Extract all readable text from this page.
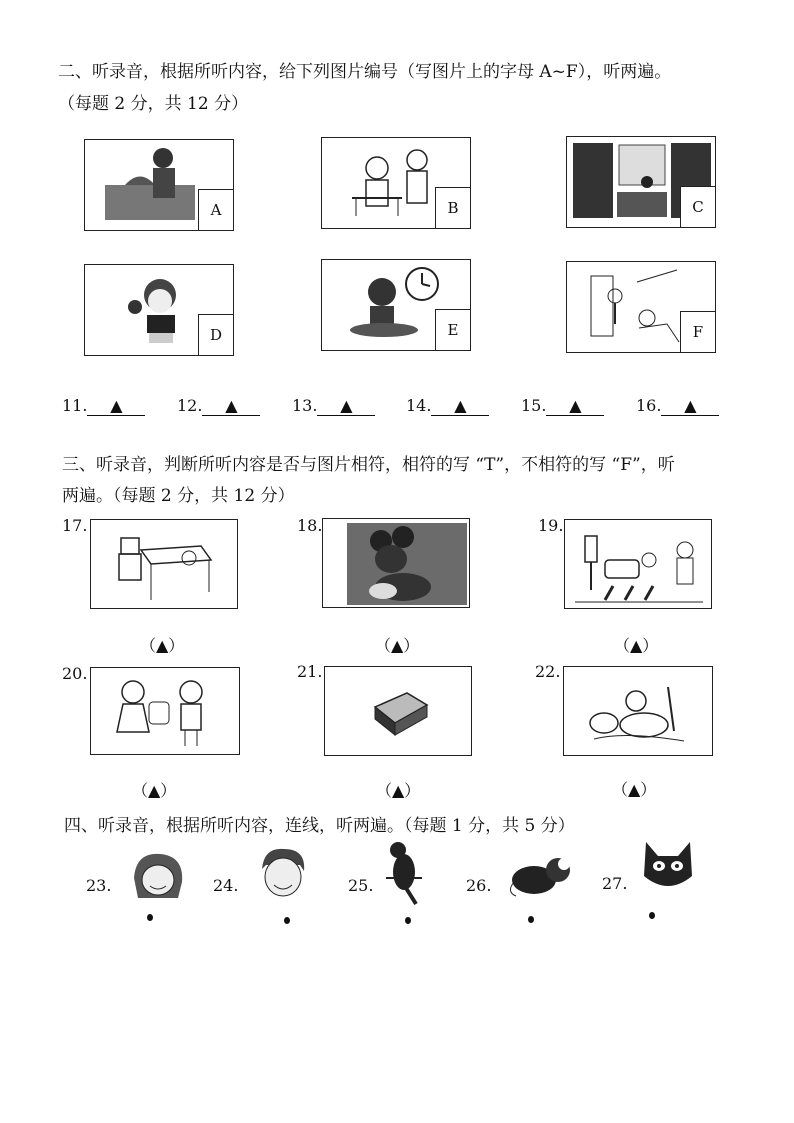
二、听录音，根据所听内容，给下列图片编号（写图片上的字母 A~F），听两遍。
（每题 2 分，共 12 分）
A	B	C
D	E	F
11. ▲	12. ▲	13. ▲	14. ▲	15. ▲	16. ▲
三、听录音，判断所听内容是否与图片相符，相符的写 “T”，不相符的写 “F”，听
两遍。（每题 2 分，共 12 分）
17.	18.	19.
（▲）	（▲）	（▲）
20.	21.	22.
（▲）	（▲）	（▲）
四、听录音，根据所听内容，连线，听两遍。（每题 1 分，共 5 分）
23.	24.	25.	26.	27.
